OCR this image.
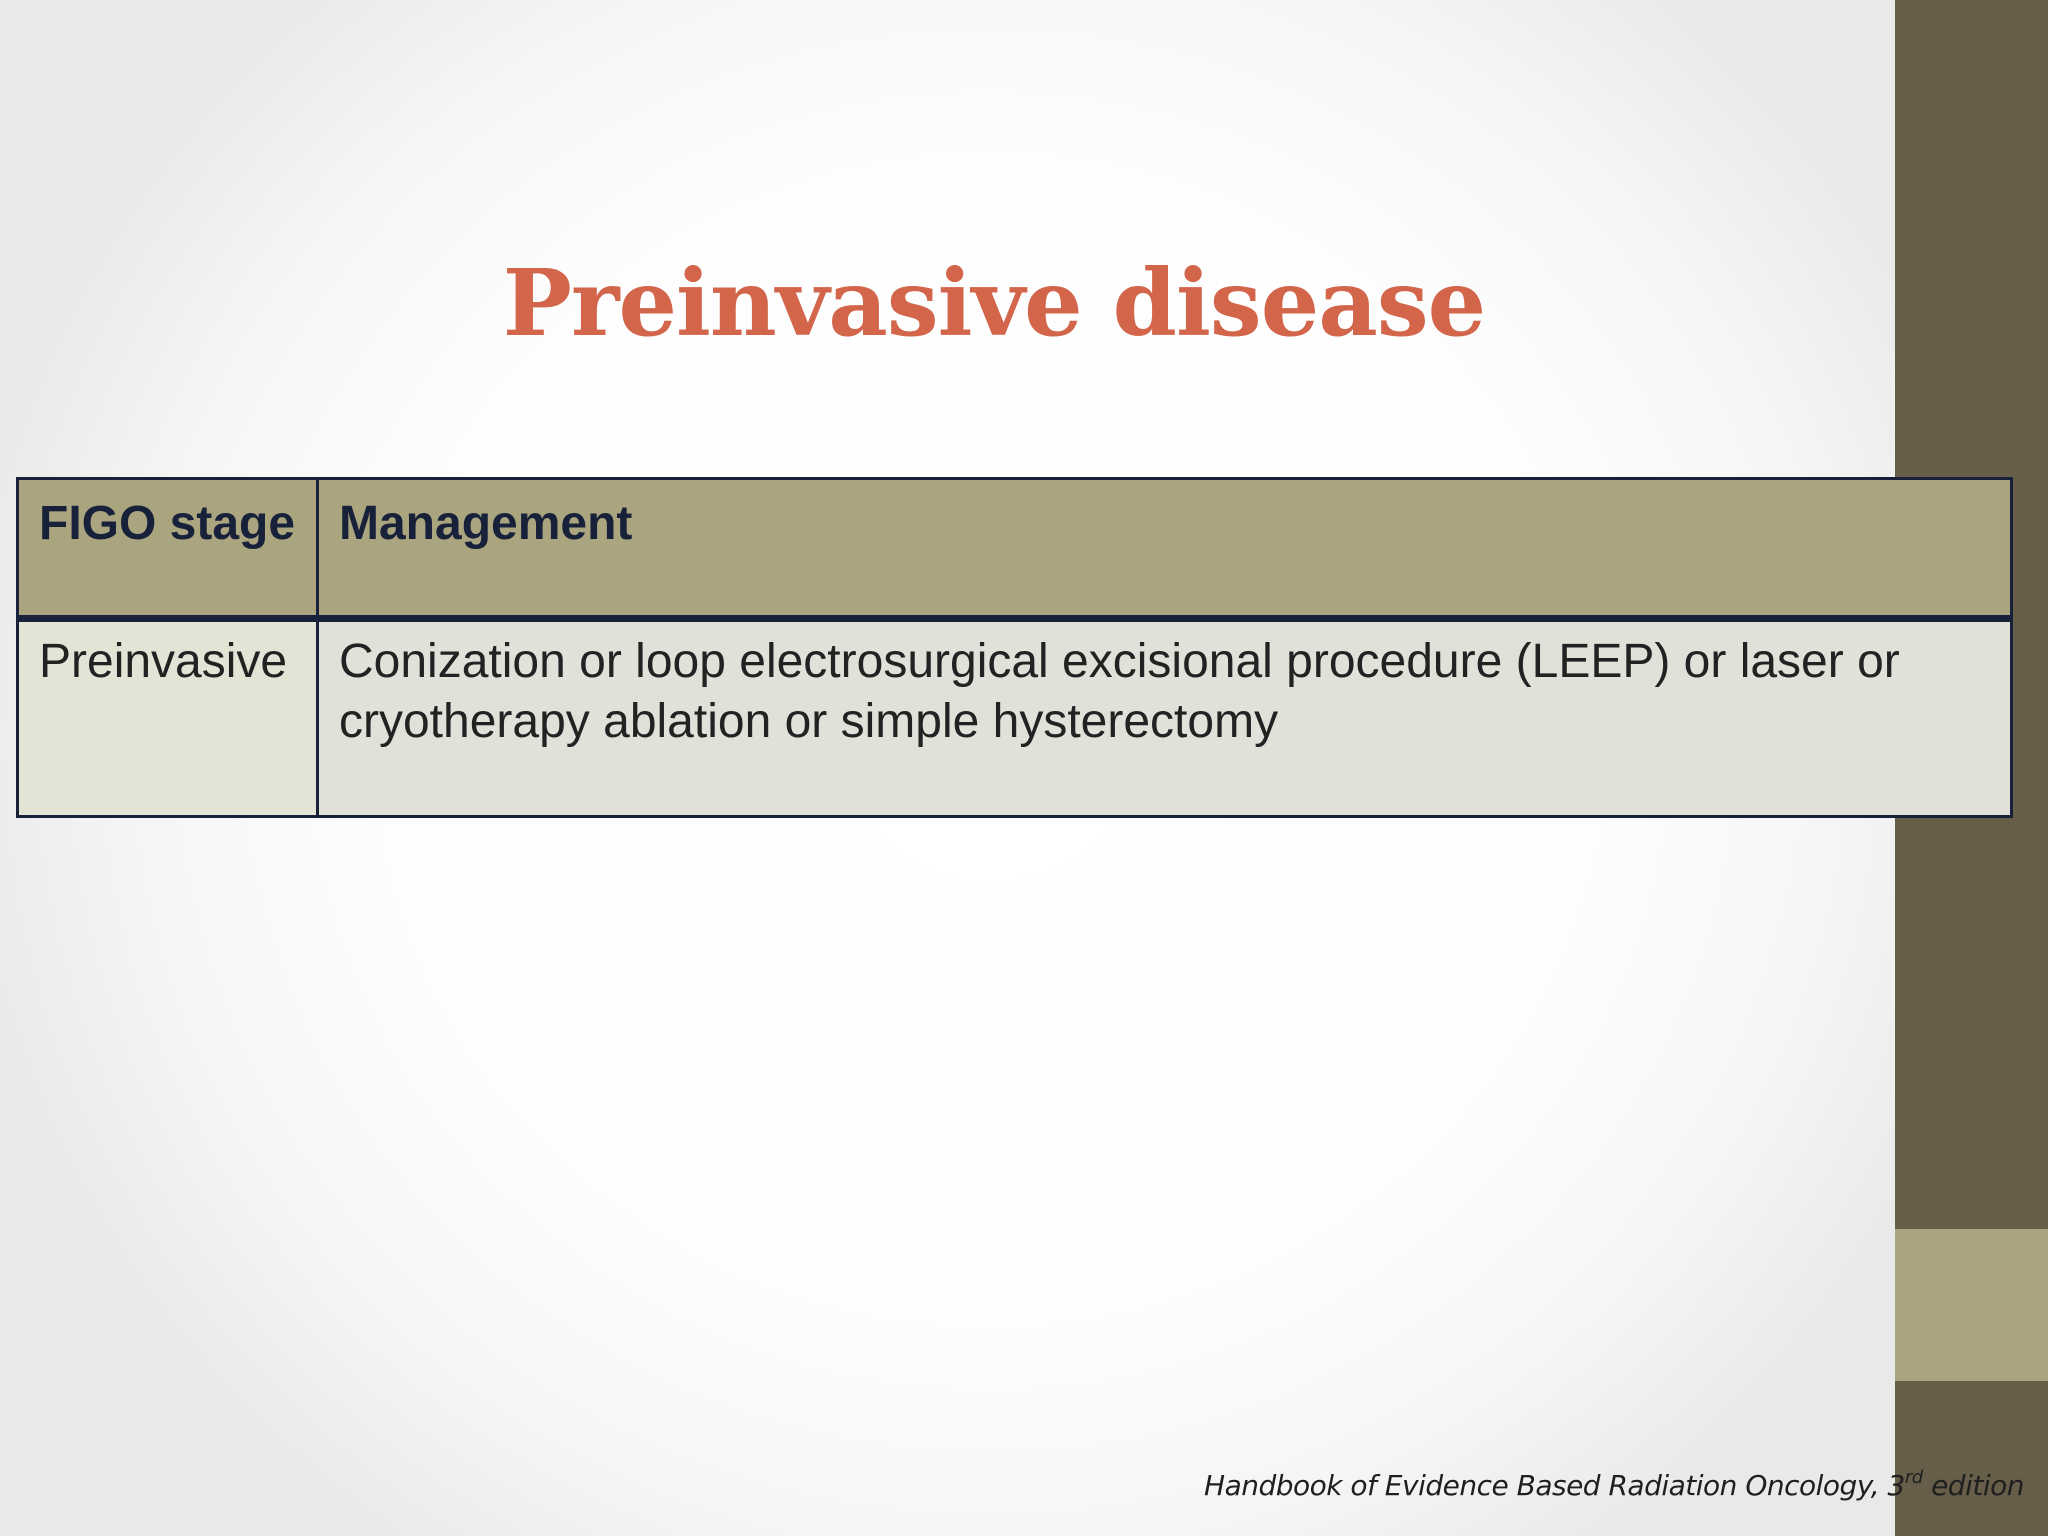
Preinvasive disease
FIGO stage	Management
Preinvasive	Conization or loop electrosurgical excisional procedure (LEEP) or laser or cryotherapy ablation or simple hysterectomy

Handbook of Evidence Based Radiation Oncology, 3rd edition
